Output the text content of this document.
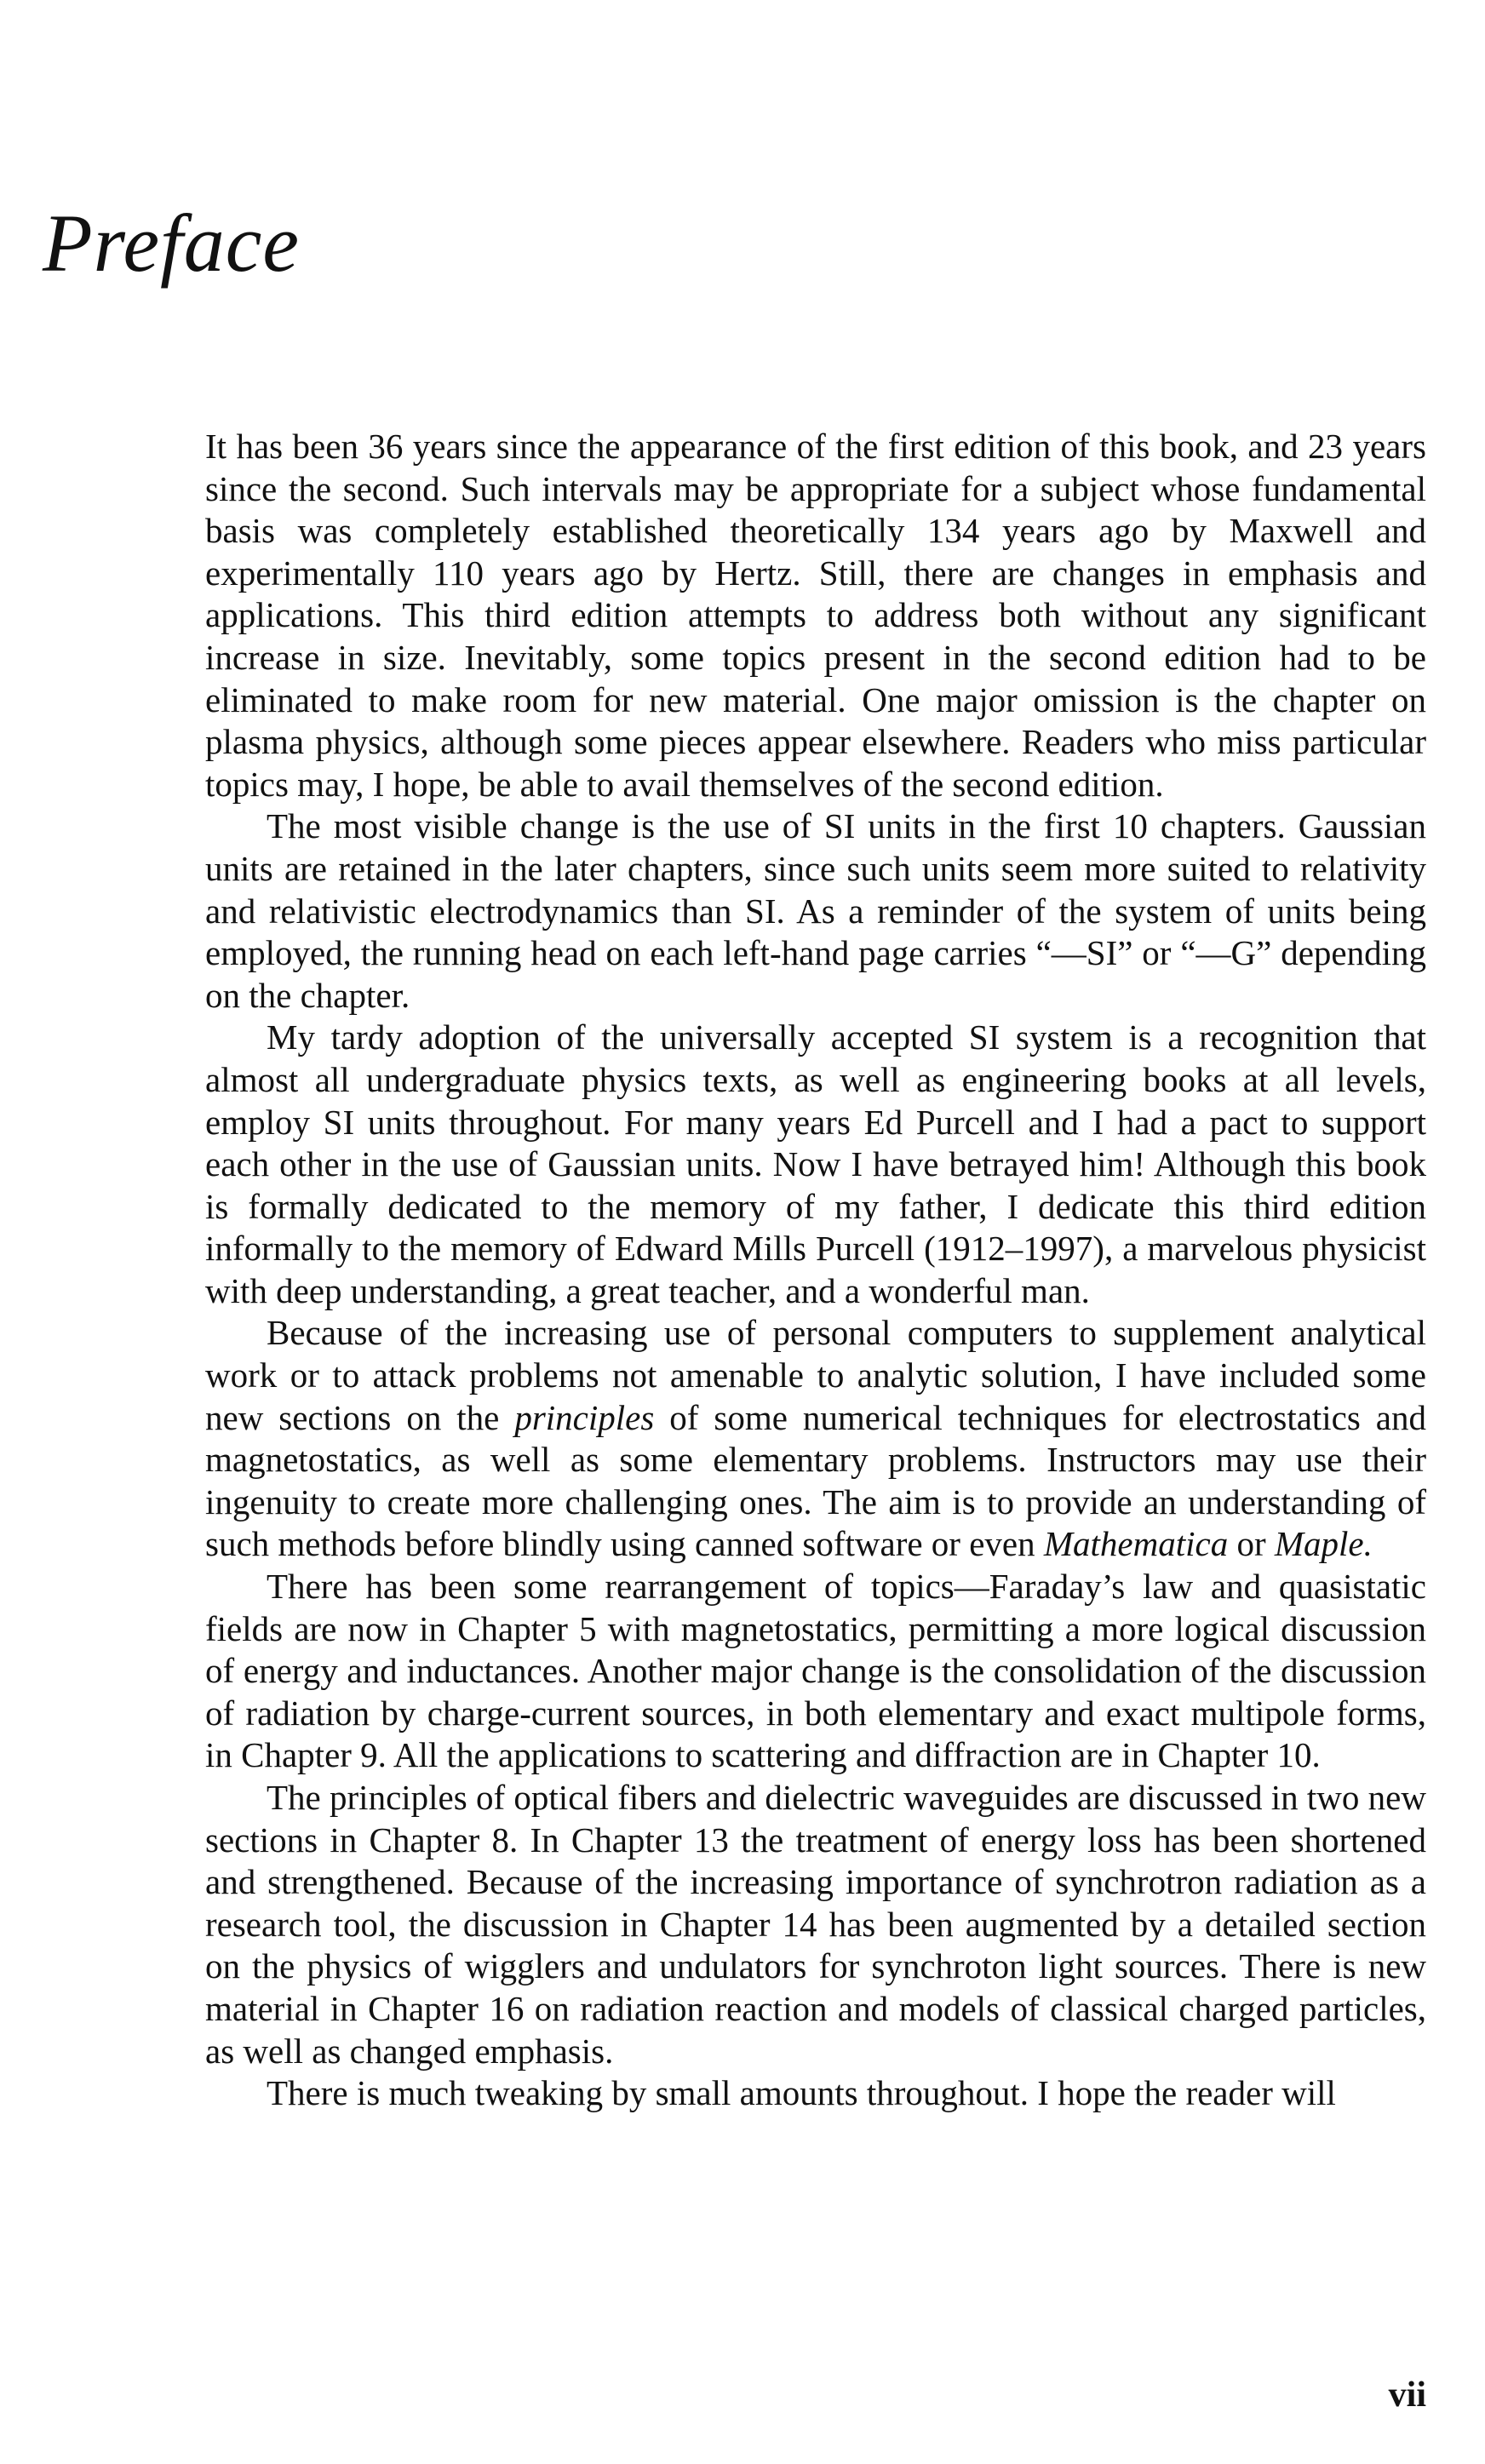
Preface

It has been 36 years since the appearance of the first edition of this book, and 23 years since the second. Such intervals may be appropriate for a subject whose fundamental basis was completely established theoretically 134 years ago by Maxwell and experimentally 110 years ago by Hertz. Still, there are changes in emphasis and applications. This third edition attempts to address both without any significant increase in size. Inevitably, some topics present in the second edition had to be eliminated to make room for new material. One major omission is the chapter on plasma physics, although some pieces appear elsewhere. Readers who miss particular topics may, I hope, be able to avail themselves of the second edition.

The most visible change is the use of SI units in the first 10 chapters. Gaussian units are retained in the later chapters, since such units seem more suited to relativity and relativistic electrodynamics than SI. As a reminder of the system of units being employed, the running head on each left-hand page carries “—SI” or “—G” depending on the chapter.

My tardy adoption of the universally accepted SI system is a recognition that almost all undergraduate physics texts, as well as engineering books at all levels, employ SI units throughout. For many years Ed Purcell and I had a pact to support each other in the use of Gaussian units. Now I have betrayed him! Although this book is formally dedicated to the memory of my father, I dedicate this third edition informally to the memory of Edward Mills Purcell (1912–1997), a marvelous physicist with deep understanding, a great teacher, and a wonderful man.

Because of the increasing use of personal computers to supplement analytical work or to attack problems not amenable to analytic solution, I have included some new sections on the principles of some numerical techniques for electrostatics and magnetostatics, as well as some elementary problems. Instructors may use their ingenuity to create more challenging ones. The aim is to provide an understanding of such methods before blindly using canned software or even Mathematica or Maple.

There has been some rearrangement of topics—Faraday’s law and quasistatic fields are now in Chapter 5 with magnetostatics, permitting a more logical discussion of energy and inductances. Another major change is the consolidation of the discussion of radiation by charge-current sources, in both elementary and exact multipole forms, in Chapter 9. All the applications to scattering and diffraction are in Chapter 10.

The principles of optical fibers and dielectric waveguides are discussed in two new sections in Chapter 8. In Chapter 13 the treatment of energy loss has been shortened and strengthened. Because of the increasing importance of synchrotron radiation as a research tool, the discussion in Chapter 14 has been augmented by a detailed section on the physics of wigglers and undulators for synchroton light sources. There is new material in Chapter 16 on radiation reaction and models of classical charged particles, as well as changed emphasis.

There is much tweaking by small amounts throughout. I hope the reader will

vii
